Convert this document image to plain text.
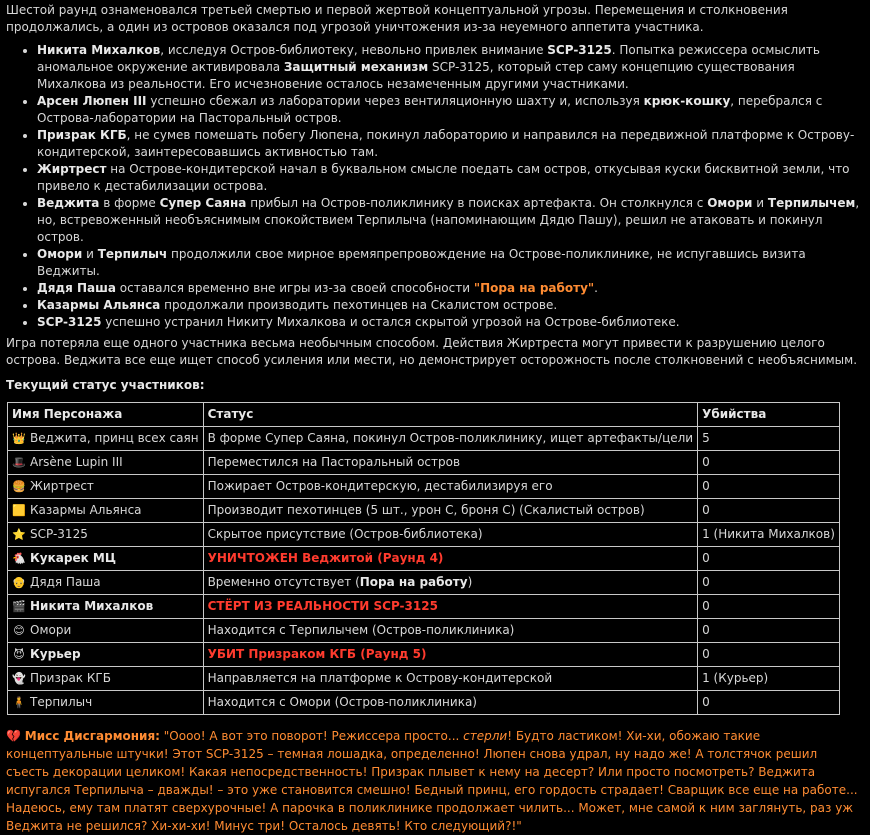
Шестой раунд ознаменовался третьей смертью и первой жертвой концептуальной угрозы. Перемещения и столкновения продолжались, а один из островов оказался под угрозой уничтожения из-за неуемного аппетита участника.

• Никита Михалков, исследуя Остров-библиотеку, невольно привлек внимание SCP-3125. Попытка режиссера осмыслить аномальное окружение активировала Защитный механизм SCP-3125, который стер саму концепцию существования Михалкова из реальности. Его исчезновение осталось незамеченным другими участниками.
• Арсен Люпен III успешно сбежал из лаборатории через вентиляционную шахту и, используя крюк-кошку, перебрался с Острова-лаборатории на Пасторальный остров.
• Призрак КГБ, не сумев помешать побегу Люпена, покинул лабораторию и направился на передвижной платформе к Острову-кондитерской, заинтересовавшись активностью там.
• Жиртрест на Острове-кондитерской начал в буквальном смысле поедать сам остров, откусывая куски бисквитной земли, что привело к дестабилизации острова.
• Веджита в форме Супер Саяна прибыл на Остров-поликлинику в поисках артефакта. Он столкнулся с Омори и Терпилычем, но, встревоженный необъяснимым спокойствием Терпилыча (напоминающим Дядю Пашу), решил не атаковать и покинул остров.
• Омори и Терпилыч продолжили свое мирное времяпрепровождение на Острове-поликлинике, не испугавшись визита Веджиты.
• Дядя Паша оставался временно вне игры из-за своей способности "Пора на работу".
• Казармы Альянса продолжали производить пехотинцев на Скалистом острове.
• SCP-3125 успешно устранил Никиту Михалкова и остался скрытой угрозой на Острове-библиотеке.

Игра потеряла еще одного участника весьма необычным способом. Действия Жиртреста могут привести к разрушению целого острова. Веджита все еще ищет способ усиления или мести, но демонстрирует осторожность после столкновений с необъяснимым.

Текущий статус участников:
Имя Персонажа	Статус	Убийства
👑 Веджита, принц всех саян	В форме Супер Саяна, покинул Остров-поликлинику, ищет артефакты/цели	5
🎩 Arsène Lupin III	Переместился на Пасторальный остров	0
🍔 Жиртрест	Пожирает Остров-кондитерскую, дестабилизируя его	0
🟨 Казармы Альянса	Производит пехотинцев (5 шт., урон C, броня C) (Скалистый остров)	0
⭐ SCP-3125	Скрытое присутствие (Остров-библиотека)	1 (Никита Михалков)
🐔 Кукарек МЦ	УНИЧТОЖЕН Веджитой (Раунд 4)	0
👴 Дядя Паша	Временно отсутствует (Пора на работу)	0
🎬 Никита Михалков	СТЁРТ ИЗ РЕАЛЬНОСТИ SCP-3125	0
😊 Омори	Находится с Терпилычем (Остров-поликлиника)	0
😈 Курьер	УБИТ Призраком КГБ (Раунд 5)	0
👻 Призрак КГБ	Направляется на платформе к Острову-кондитерской	1 (Курьер)
🧍 Терпилыч	Находится с Омори (Остров-поликлиника)	0
💔 Мисс Дисгармония: "Оооо! А вот это поворот! Режиссера просто... стерли! Будто ластиком! Хи-хи, обожаю такие концептуальные штучки! Этот SCP-3125 – темная лошадка, определенно! Люпен снова удрал, ну надо же! А толстячок решил съесть декорации целиком! Какая непосредственность! Призрак плывет к нему на десерт? Или просто посмотреть? Веджита испугался Терпилыча – дважды! – это уже становится смешно! Бедный принц, его гордость страдает! Сварщик все еще на работе... Надеюсь, ему там платят сверхурочные! А парочка в поликлинике продолжает чилить... Может, мне самой к ним заглянуть, раз уж Веджита не решился? Хи-хи-хи! Минус три! Осталось девять! Кто следующий?!"
